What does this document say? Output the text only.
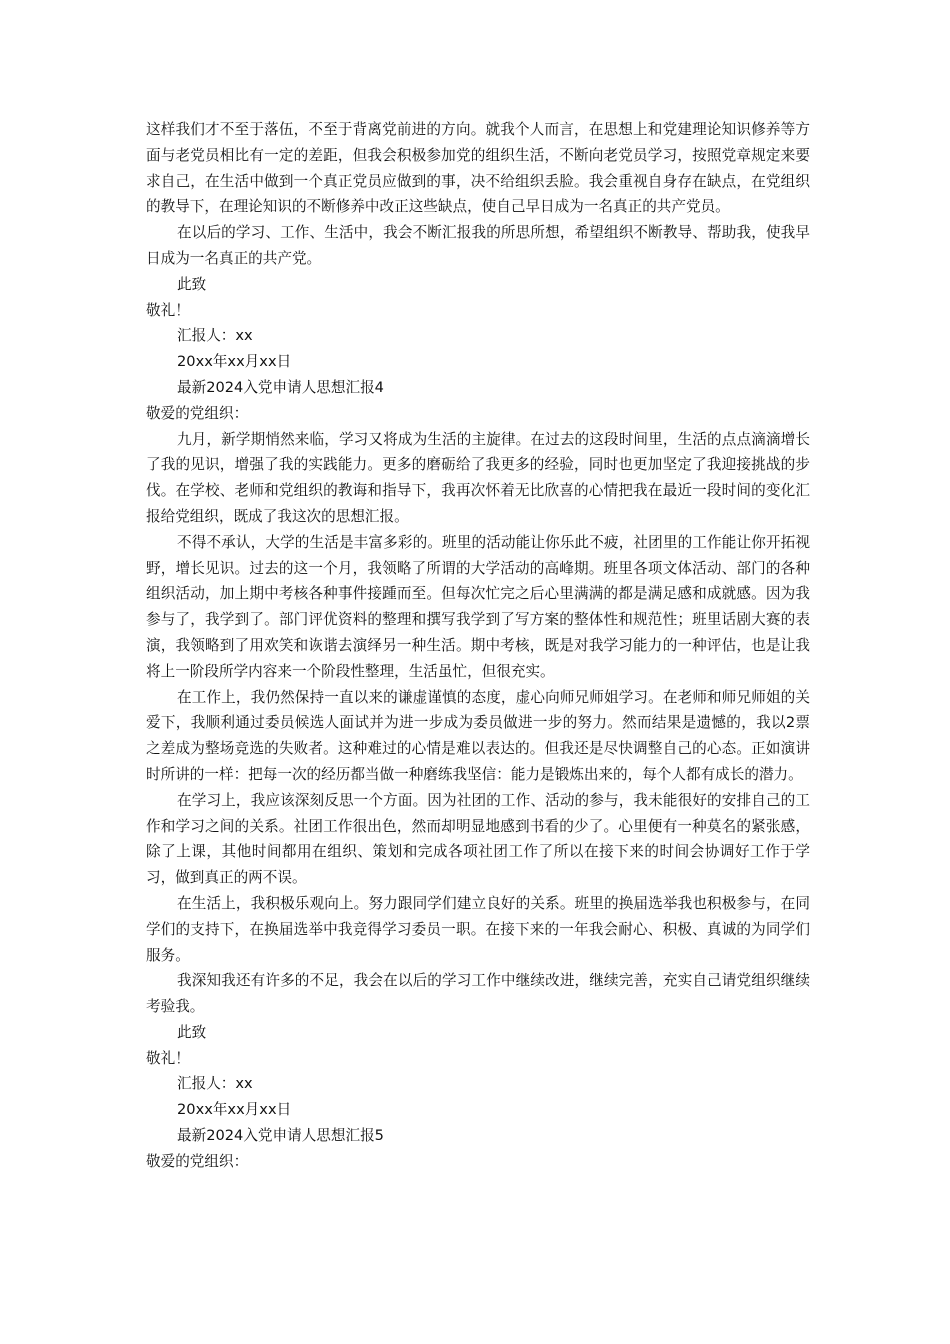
这样我们才不至于落伍，不至于背离党前进的方向。就我个人而言，在思想上和党建理论知识修养等方面与老党员相比有一定的差距，但我会积极参加党的组织生活，不断向老党员学习，按照党章规定来要求自己，在生活中做到一个真正党员应做到的事，决不给组织丢脸。我会重视自身存在缺点，在党组织的教导下，在理论知识的不断修养中改正这些缺点，使自己早日成为一名真正的共产党员。

在以后的学习、工作、生活中，我会不断汇报我的所思所想，希望组织不断教导、帮助我，使我早日成为一名真正的共产党。

此致

敬礼！

汇报人：xx

20xx年xx月xx日

最新2024入党申请人思想汇报4

敬爱的党组织：

九月，新学期悄然来临，学习又将成为生活的主旋律。在过去的这段时间里，生活的点点滴滴增长了我的见识，增强了我的实践能力。更多的磨砺给了我更多的经验，同时也更加坚定了我迎接挑战的步伐。在学校、老师和党组织的教诲和指导下，我再次怀着无比欣喜的心情把我在最近一段时间的变化汇报给党组织，既成了我这次的思想汇报。

不得不承认，大学的生活是丰富多彩的。班里的活动能让你乐此不疲，社团里的工作能让你开拓视野，增长见识。过去的这一个月，我领略了所谓的大学活动的高峰期。班里各项文体活动、部门的各种组织活动，加上期中考核各种事件接踵而至。但每次忙完之后心里满满的都是满足感和成就感。因为我参与了，我学到了。部门评优资料的整理和撰写我学到了写方案的整体性和规范性；班里话剧大赛的表演，我领略到了用欢笑和诙谐去演绎另一种生活。期中考核，既是对我学习能力的一种评估，也是让我将上一阶段所学内容来一个阶段性整理，生活虽忙，但很充实。

在工作上，我仍然保持一直以来的谦虚谨慎的态度，虚心向师兄师姐学习。在老师和师兄师姐的关爱下，我顺利通过委员候选人面试并为进一步成为委员做进一步的努力。然而结果是遗憾的，我以2票之差成为整场竞选的失败者。这种难过的心情是难以表达的。但我还是尽快调整自己的心态。正如演讲时所讲的一样：把每一次的经历都当做一种磨练我坚信：能力是锻炼出来的，每个人都有成长的潜力。

在学习上，我应该深刻反思一个方面。因为社团的工作、活动的参与，我未能很好的安排自己的工作和学习之间的关系。社团工作很出色，然而却明显地感到书看的少了。心里便有一种莫名的紧张感，除了上课，其他时间都用在组织、策划和完成各项社团工作了所以在接下来的时间会协调好工作于学习，做到真正的两不误。

在生活上，我积极乐观向上。努力跟同学们建立良好的关系。班里的换届选举我也积极参与，在同学们的支持下，在换届选举中我竞得学习委员一职。在接下来的一年我会耐心、积极、真诚的为同学们服务。

我深知我还有许多的不足，我会在以后的学习工作中继续改进，继续完善，充实自己请党组织继续考验我。

此致

敬礼！

汇报人：xx

20xx年xx月xx日

最新2024入党申请人思想汇报5

敬爱的党组织：
